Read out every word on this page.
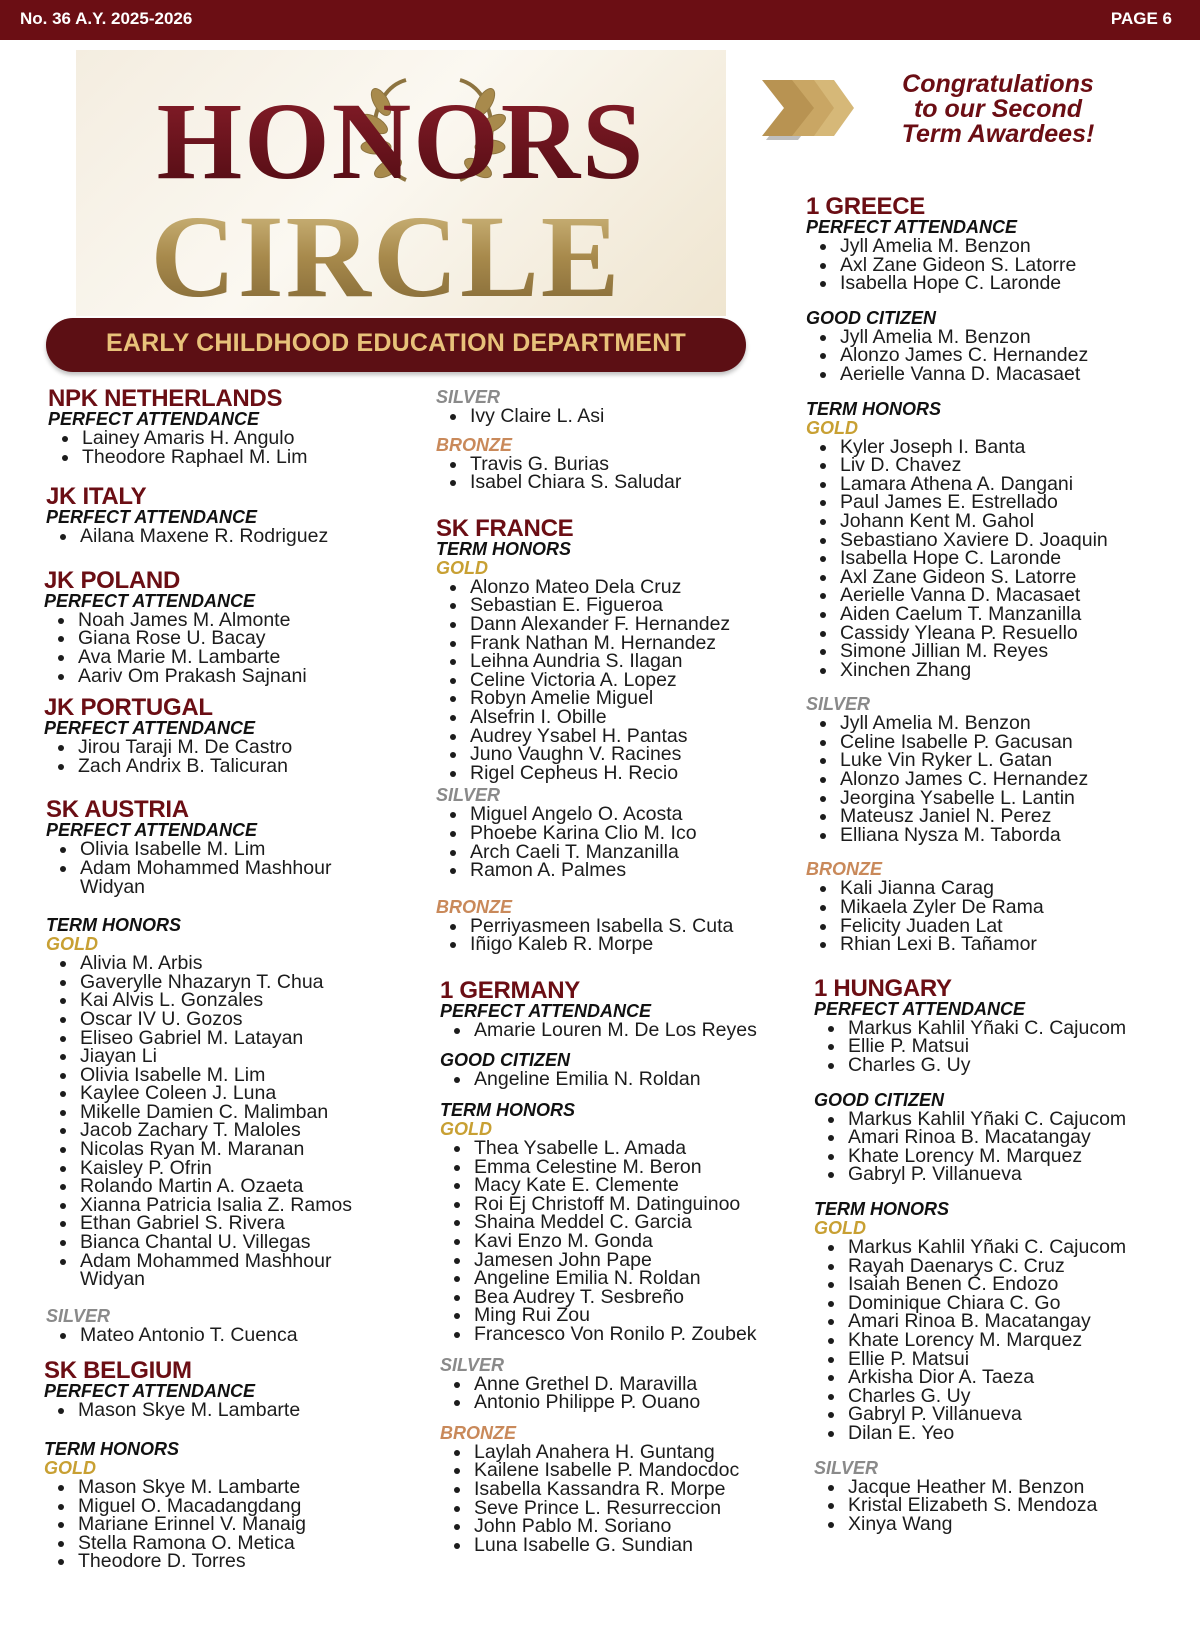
No. 36 A.Y. 2025-2026	PAGE 6
HONORS
CIRCLE
EARLY CHILDHOOD EDUCATION DEPARTMENT
Congratulations
to our Second
Term Awardees!
NPK NETHERLANDS
PERFECT ATTENDANCE
Lainey Amaris H. Angulo
Theodore Raphael M. Lim
JK ITALY
PERFECT ATTENDANCE
Ailana Maxene R. Rodriguez
JK POLAND
PERFECT ATTENDANCE
Noah James M. Almonte
Giana Rose U. Bacay
Ava Marie M. Lambarte
Aariv Om Prakash Sajnani
JK PORTUGAL
PERFECT ATTENDANCE
Jirou Taraji M. De Castro
Zach Andrix B. Talicuran
SK AUSTRIA
PERFECT ATTENDANCE
Olivia Isabelle M. Lim
Adam Mohammed Mashhour Widyan
TERM HONORS
GOLD
Alivia M. Arbis
Gaverylle Nhazaryn T. Chua
Kai Alvis L. Gonzales
Oscar IV U. Gozos
Eliseo Gabriel M. Latayan
Jiayan Li
Olivia Isabelle M. Lim
Kaylee Coleen J. Luna
Mikelle Damien C. Malimban
Jacob Zachary T. Maloles
Nicolas Ryan M. Maranan
Kaisley P. Ofrin
Rolando Martin A. Ozaeta
Xianna Patricia Isalia Z. Ramos
Ethan Gabriel S. Rivera
Bianca Chantal U. Villegas
Adam Mohammed Mashhour Widyan
SILVER
Mateo Antonio T. Cuenca
SK BELGIUM
PERFECT ATTENDANCE
Mason Skye M. Lambarte
TERM HONORS
GOLD
Mason Skye M. Lambarte
Miguel O. Macadangdang
Mariane Erinnel V. Manaig
Stella Ramona O. Metica
Theodore D. Torres
SILVER
Ivy Claire L. Asi
BRONZE
Travis G. Burias
Isabel Chiara S. Saludar
SK FRANCE
TERM HONORS
GOLD
Alonzo Mateo Dela Cruz
Sebastian E. Figueroa
Dann Alexander F. Hernandez
Frank Nathan M. Hernandez
Leihna Aundria S. Ilagan
Celine Victoria A. Lopez
Robyn Amelie Miguel
Alsefrin I. Obille
Audrey Ysabel H. Pantas
Juno Vaughn V. Racines
Rigel Cepheus H. Recio
SILVER
Miguel Angelo O. Acosta
Phoebe Karina Clio M. Ico
Arch Caeli T. Manzanilla
Ramon A. Palmes
BRONZE
Perriyasmeen Isabella S. Cuta
Iñigo Kaleb R. Morpe
1 GERMANY
PERFECT ATTENDANCE
Amarie Louren M. De Los Reyes
GOOD CITIZEN
Angeline Emilia N. Roldan
TERM HONORS
GOLD
Thea Ysabelle L. Amada
Emma Celestine M. Beron
Macy Kate E. Clemente
Roi Ej Christoff M. Datinguinoo
Shaina Meddel C. Garcia
Kavi Enzo M. Gonda
Jamesen John Pape
Angeline Emilia N. Roldan
Bea Audrey T. Sesbreño
Ming Rui Zou
Francesco Von Ronilo P. Zoubek
SILVER
Anne Grethel D. Maravilla
Antonio Philippe P. Ouano
BRONZE
Laylah Anahera H. Guntang
Kailene Isabelle P. Mandocdoc
Isabella Kassandra R. Morpe
Seve Prince L. Resurreccion
John Pablo M. Soriano
Luna Isabelle G. Sundian
1 GREECE
PERFECT ATTENDANCE
Jyll Amelia M. Benzon
Axl Zane Gideon S. Latorre
Isabella Hope C. Laronde
GOOD CITIZEN
Jyll Amelia M. Benzon
Alonzo James C. Hernandez
Aerielle Vanna D. Macasaet
TERM HONORS
GOLD
Kyler Joseph I. Banta
Liv D. Chavez
Lamara Athena A. Dangani
Paul James E. Estrellado
Johann Kent M. Gahol
Sebastiano Xaviere D. Joaquin
Isabella Hope C. Laronde
Axl Zane Gideon S. Latorre
Aerielle Vanna D. Macasaet
Aiden Caelum T. Manzanilla
Cassidy Yleana P. Resuello
Simone Jillian M. Reyes
Xinchen Zhang
SILVER
Jyll Amelia M. Benzon
Celine Isabelle P. Gacusan
Luke Vin Ryker L. Gatan
Alonzo James C. Hernandez
Jeorgina Ysabelle L. Lantin
Mateusz Janiel N. Perez
Elliana Nysza M. Taborda
BRONZE
Kali Jianna Carag
Mikaela Zyler De Rama
Felicity Juaden Lat
Rhian Lexi B. Tañamor
1 HUNGARY
PERFECT ATTENDANCE
Markus Kahlil Yñaki C. Cajucom
Ellie P. Matsui
Charles G. Uy
GOOD CITIZEN
Markus Kahlil Yñaki C. Cajucom
Amari Rinoa B. Macatangay
Khate Lorency M. Marquez
Gabryl P. Villanueva
TERM HONORS
GOLD
Markus Kahlil Yñaki C. Cajucom
Rayah Daenarys C. Cruz
Isaiah Benen C. Endozo
Dominique Chiara C. Go
Amari Rinoa B. Macatangay
Khate Lorency M. Marquez
Ellie P. Matsui
Arkisha Dior A. Taeza
Charles G. Uy
Gabryl P. Villanueva
Dilan E. Yeo
SILVER
Jacque Heather M. Benzon
Kristal Elizabeth S. Mendoza
Xinya Wang
